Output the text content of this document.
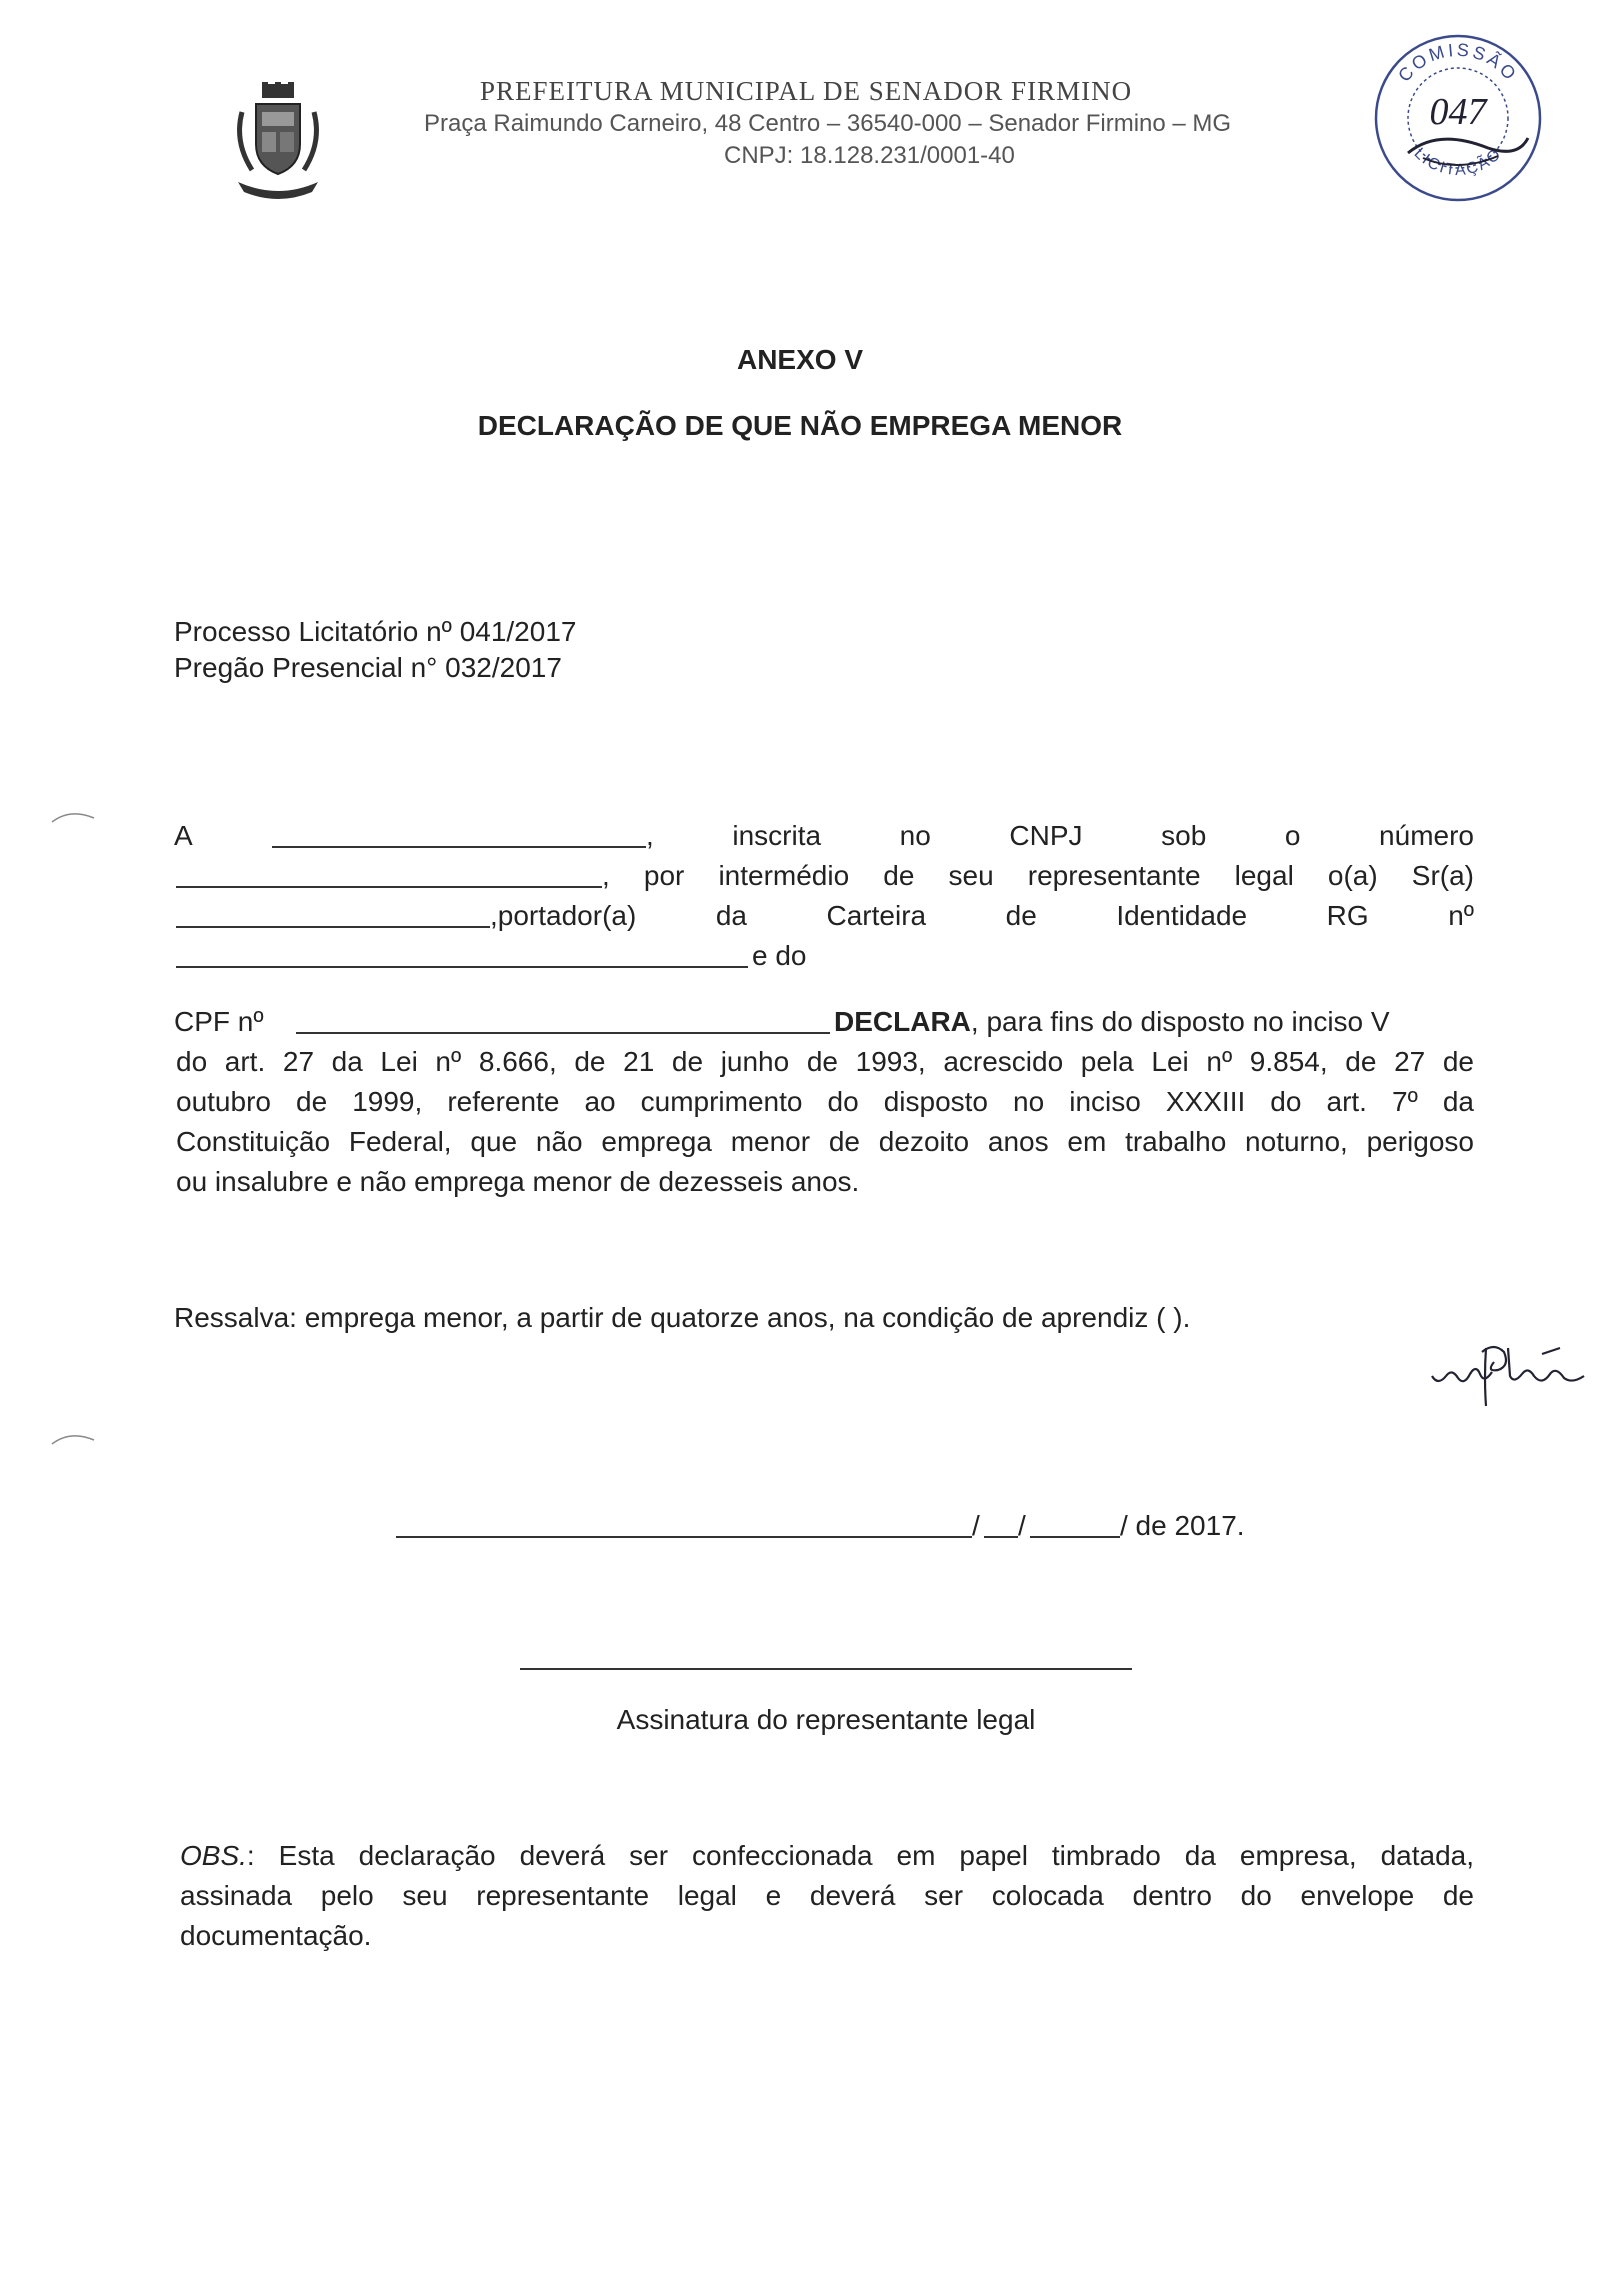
PREFEITURA MUNICIPAL DE SENADOR FIRMINO
Praça Raimundo Carneiro, 48 Centro – 36540-000 – Senador Firmino – MG
CNPJ: 18.128.231/0001-40
COMISSÃO
LICITAÇÃO
047
ANEXO V
DECLARAÇÃO DE QUE NÃO EMPREGA MENOR
Processo Licitatório nº 041/2017
Pregão Presencial n° 032/2017
A	, inscrita no CNPJ sob o número
, por intermédio de seu representante legal o(a) Sr(a)
,portador(a) da Carteira de Identidade RG nº
e do
CPF nº	DECLARA, para fins do disposto no inciso V
do art. 27 da Lei nº 8.666, de 21 de junho de 1993, acrescido pela Lei nº 9.854, de 27 de
outubro de 1999, referente ao cumprimento do disposto no inciso XXXIII do art. 7º da
Constituição Federal, que não emprega menor de dezoito anos em trabalho noturno, perigoso
ou insalubre e não emprega menor de dezesseis anos.
Ressalva: emprega menor, a partir de quatorze anos, na condição de aprendiz ( ).
/ /	/ de 2017.
Assinatura do representante legal
OBS. : Esta declaração deverá ser confeccionada em papel timbrado da empresa, datada,
assinada pelo seu representante legal e deverá ser colocada dentro do envelope de
documentação.
